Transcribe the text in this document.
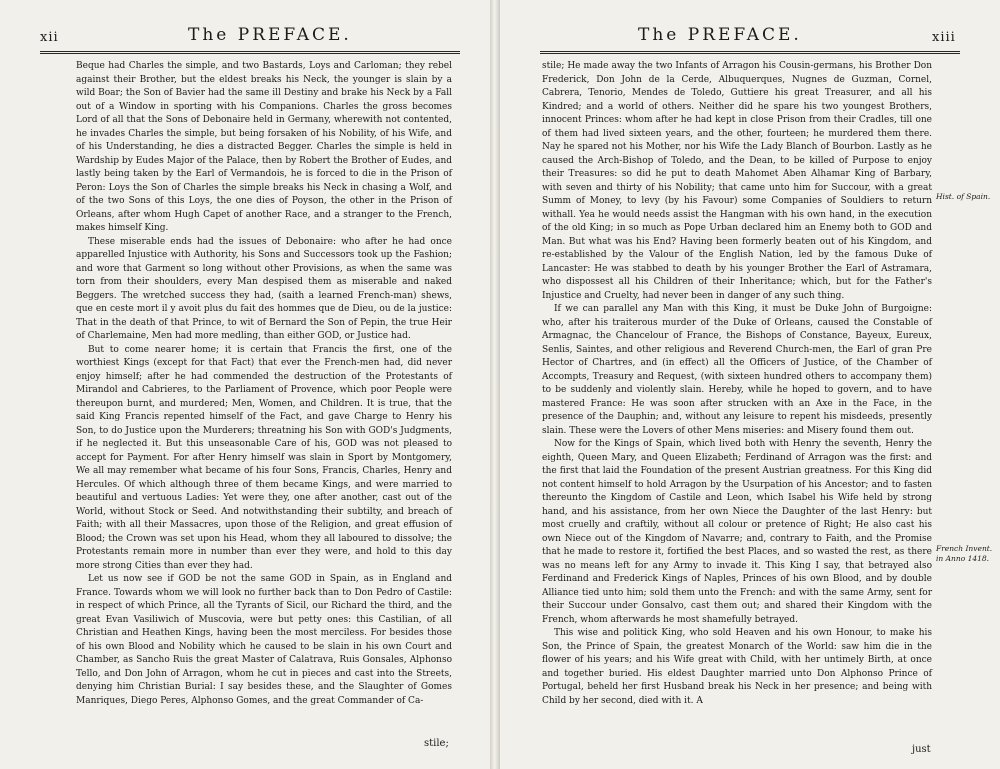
xii	The PREFACE.

Beque had Charles the simple, and two Bastards, Loys and Carloman; they rebel against their Brother, but the eldest breaks his Neck, the younger is slain by a wild Boar; the Son of Bavier had the same ill Destiny and brake his Neck by a Fall out of a Window in sporting with his Companions. Charles the gross becomes Lord of all that the Sons of Debonaire held in Germany, wherewith not contented, he invades Charles the simple, but being forsaken of his Nobility, of his Wife, and of his Understanding, he dies a distracted Begger. Charles the simple is held in Wardship by Eudes Major of the Palace, then by Robert the Brother of Eudes, and lastly being taken by the Earl of Vermandois, he is forced to die in the Prison of Peron: Loys the Son of Charles the simple breaks his Neck in chasing a Wolf, and of the two Sons of this Loys, the one dies of Poyson, the other in the Prison of Orleans, after whom Hugh Capet of another Race, and a stranger to the French, makes himself King.

These miserable ends had the issues of Debonaire: who after he had once apparelled Injustice with Authority, his Sons and Successors took up the Fashion; and wore that Garment so long without other Provisions, as when the same was torn from their shoulders, every Man despised them as miserable and naked Beggers. The wretched success they had, (saith a learned French-man) shews, que en ceste mort il y avoit plus du fait des hommes que de Dieu, ou de la justice: That in the death of that Prince, to wit of Bernard the Son of Pepin, the true Heir of Charlemaine, Men had more medling, than either GOD, or Justice had.

But to come nearer home; it is certain that Francis the first, one of the worthiest Kings (except for that Fact) that ever the French-men had, did never enjoy himself; after he had commended the destruction of the Protestants of Mirandol and Cabrieres, to the Parliament of Provence, which poor People were thereupon burnt, and murdered; Men, Women, and Children. It is true, that the said King Francis repented himself of the Fact, and gave Charge to Henry his Son, to do Justice upon the Murderers; threatning his Son with GOD's Judgments, if he neglected it. But this unseasonable Care of his, GOD was not pleased to accept for Payment. For after Henry himself was slain in Sport by Montgomery, We all may remember what became of his four Sons, Francis, Charles, Henry and Hercules. Of which although three of them became Kings, and were married to beautiful and vertuous Ladies: Yet were they, one after another, cast out of the World, without Stock or Seed. And notwithstanding their subtilty, and breach of Faith; with all their Massacres, upon those of the Religion, and great effusion of Blood; the Crown was set upon his Head, whom they all laboured to dissolve; the Protestants remain more in number than ever they were, and hold to this day more strong Cities than ever they had.

Let us now see if GOD be not the same GOD in Spain, as in England and France. Towards whom we will look no further back than to Don Pedro of Castile: in respect of which Prince, all the Tyrants of Sicil, our Richard the third, and the great Evan Vasiliwich of Muscovia, were but petty ones: this Castilian, of all Christian and Heathen Kings, having been the most merciless. For besides those of his own Blood and Nobility which he caused to be slain in his own Court and Chamber, as Sancho Ruis the great Master of Calatrava, Ruis Gonsales, Alphonso Tello, and Don John of Arragon, whom he cut in pieces and cast into the Streets, denying him Christian Burial: I say besides these, and the Slaughter of Gomes Manriques, Diego Peres, Alphonso Gomes, and the great Commander of Ca-

stile;
The PREFACE.	xiii

stile; He made away the two Infants of Arragon his Cousin-germans, his Brother Don Frederick, Don John de la Cerde, Albuquerques, Nugnes de Guzman, Cornel, Cabrera, Tenorio, Mendes de Toledo, Guttiere his great Treasurer, and all his Kindred; and a world of others. Neither did he spare his two youngest Brothers, innocent Princes: whom after he had kept in close Prison from their Cradles, till one of them had lived sixteen years, and the other, fourteen; he murdered them there. Nay he spared not his Mother, nor his Wife the Lady Blanch of Bourbon. Lastly as he caused the Arch-Bishop of Toledo, and the Dean, to be killed of Purpose to enjoy their Treasures: so did he put to death Mahomet Aben Alhamar King of Barbary, with seven and thirty of his Nobility; that came unto him for Succour, with a great Summ of Money, to levy (by his Favour) some Companies of Souldiers to return withall. Yea he would needs assist the Hangman with his own hand, in the execution of the old King; in so much as Pope Urban declared him an Enemy both to GOD and Man. But what was his End? Having been formerly beaten out of his Kingdom, and re-established by the Valour of the English Nation, led by the famous Duke of Lancaster: He was stabbed to death by his younger Brother the Earl of Astramara, who dispossest all his Children of their Inheritance; which, but for the Father's Injustice and Cruelty, had never been in danger of any such thing.

If we can parallel any Man with this King, it must be Duke John of Burgoigne: who, after his traiterous murder of the Duke of Orleans, caused the Constable of Armagnac, the Chancelour of France, the Bishops of Constance, Bayeux, Eureux, Senlis, Saintes, and other religious and Reverend Church-men, the Earl of gran Pre Hector of Chartres, and (in effect) all the Officers of Justice, of the Chamber of Accompts, Treasury and Request, (with sixteen hundred others to accompany them) to be suddenly and violently slain. Hereby, while he hoped to govern, and to have mastered France: He was soon after strucken with an Axe in the Face, in the presence of the Dauphin; and, without any leisure to repent his misdeeds, presently slain. These were the Lovers of other Mens miseries: and Misery found them out.

Now for the Kings of Spain, which lived both with Henry the seventh, Henry the eighth, Queen Mary, and Queen Elizabeth; Ferdinand of Arragon was the first: and the first that laid the Foundation of the present Austrian greatness. For this King did not content himself to hold Arragon by the Usurpation of his Ancestor; and to fasten thereunto the Kingdom of Castile and Leon, which Isabel his Wife held by strong hand, and his assistance, from her own Niece the Daughter of the last Henry: but most cruelly and craftily, without all colour or pretence of Right; He also cast his own Niece out of the Kingdom of Navarre; and, contrary to Faith, and the Promise that he made to restore it, fortified the best Places, and so wasted the rest, as there was no means left for any Army to invade it. This King I say, that betrayed also Ferdinand and Frederick Kings of Naples, Princes of his own Blood, and by double Alliance tied unto him; sold them unto the French: and with the same Army, sent for their Succour under Gonsalvo, cast them out; and shared their Kingdom with the French, whom afterwards he most shamefully betrayed.

This wise and politick King, who sold Heaven and his own Honour, to make his Son, the Prince of Spain, the greatest Monarch of the World: saw him die in the flower of his years; and his Wife great with Child, with her untimely Birth, at once and together buried. His eldest Daughter married unto Don Alphonso Prince of Portugal, beheld her first Husband break his Neck in her presence; and being with Child by her second, died with it. A

Hist. of Spain.
French Invent. in Anno 1418.
just
